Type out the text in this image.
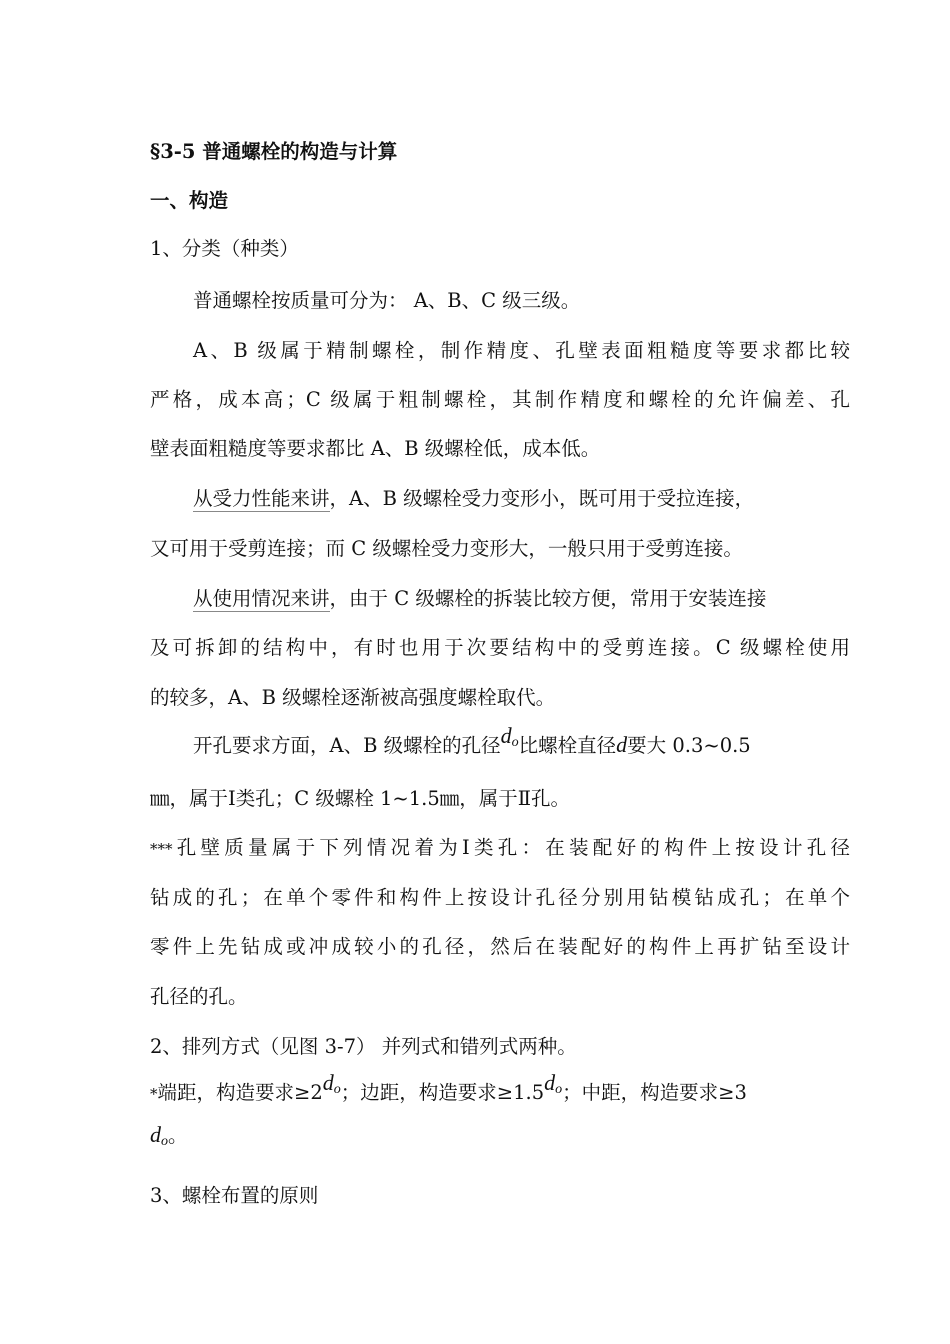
§3-5 普通螺栓的构造与计算
一、构造
1、分类（种类）
普通螺栓按质量可分为： A、B、C 级三级。
A、B 级属于精制螺栓，制作精度、孔壁表面粗糙度等要求都比较
严格，成本高；C 级属于粗制螺栓，其制作精度和螺栓的允许偏差、孔
壁表面粗糙度等要求都比 A、B 级螺栓低，成本低。
从受力性能来讲，A、B 级螺栓受力变形小，既可用于受拉连接，
又可用于受剪连接；而 C 级螺栓受力变形大，一般只用于受剪连接。
从使用情况来讲，由于 C 级螺栓的拆装比较方便，常用于安装连接
及可拆卸的结构中，有时也用于次要结构中的受剪连接。C 级螺栓使用
的较多，A、B 级螺栓逐渐被高强度螺栓取代。
开孔要求方面，A、B 级螺栓的孔径do比螺栓直径d要大 0.3~0.5
㎜，属于Ⅰ类孔；C 级螺栓 1~1.5㎜，属于Ⅱ孔。
***孔壁质量属于下列情况着为Ⅰ类孔：在装配好的构件上按设计孔径
钻成的孔；在单个零件和构件上按设计孔径分别用钻模钻成孔；在单个
零件上先钻成或冲成较小的孔径，然后在装配好的构件上再扩钻至设计
孔径的孔。
2、排列方式（见图 3-7） 并列式和错列式两种。
*端距，构造要求≥2do；边距，构造要求≥1.5do；中距，构造要求≥3
do。
3、螺栓布置的原则
